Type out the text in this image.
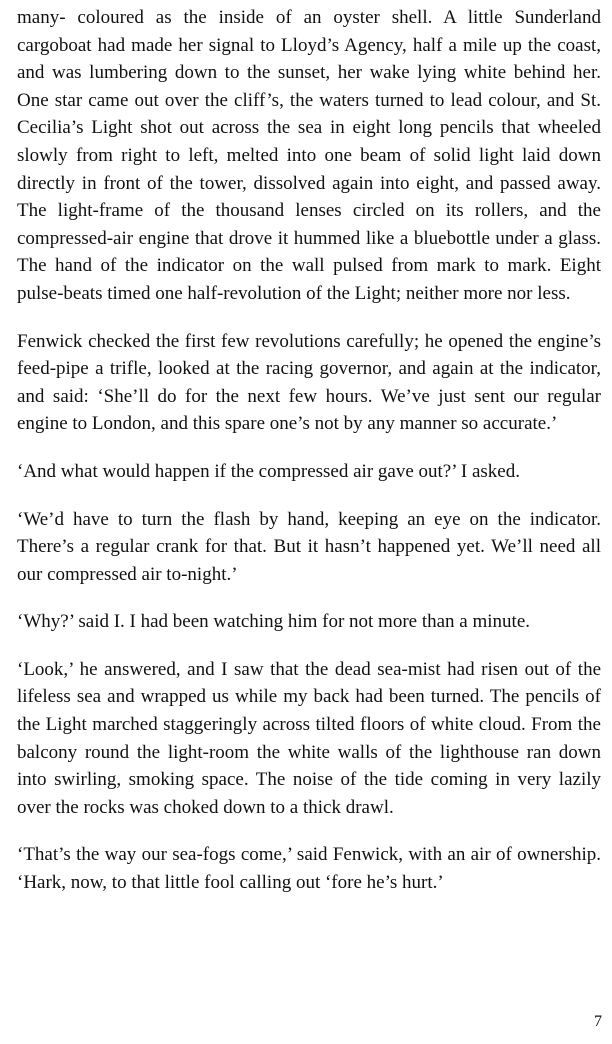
many- coloured as the inside of an oyster shell. A little Sunderland cargoboat had made her signal to Lloyd’s Agency, half a mile up the coast, and was lumbering down to the sunset, her wake lying white behind her. One star came out over the cliff’s, the waters turned to lead colour, and St. Cecilia’s Light shot out across the sea in eight long pencils that wheeled slowly from right to left, melted into one beam of solid light laid down directly in front of the tower, dissolved again into eight, and passed away. The light-frame of the thousand lenses circled on its rollers, and the compressed-air engine that drove it hummed like a bluebottle under a glass. The hand of the indicator on the wall pulsed from mark to mark. Eight pulse-beats timed one half-revolution of the Light; neither more nor less.

Fenwick checked the first few revolutions carefully; he opened the engine’s feed-pipe a trifle, looked at the racing governor, and again at the indicator, and said: ‘She’ll do for the next few hours. We’ve just sent our regular engine to London, and this spare one’s not by any manner so accurate.’

‘And what would happen if the compressed air gave out?’ I asked.

‘We’d have to turn the flash by hand, keeping an eye on the indicator. There’s a regular crank for that. But it hasn’t happened yet. We’ll need all our compressed air to-night.’

‘Why?’ said I. I had been watching him for not more than a minute.

‘Look,’ he answered, and I saw that the dead sea-mist had risen out of the lifeless sea and wrapped us while my back had been turned. The pencils of the Light marched staggeringly across tilted floors of white cloud. From the balcony round the light-room the white walls of the lighthouse ran down into swirling, smoking space. The noise of the tide coming in very lazily over the rocks was choked down to a thick drawl.

‘That’s the way our sea-fogs come,’ said Fenwick, with an air of ownership. ‘Hark, now, to that little fool calling out ‘fore he’s hurt.’

7
